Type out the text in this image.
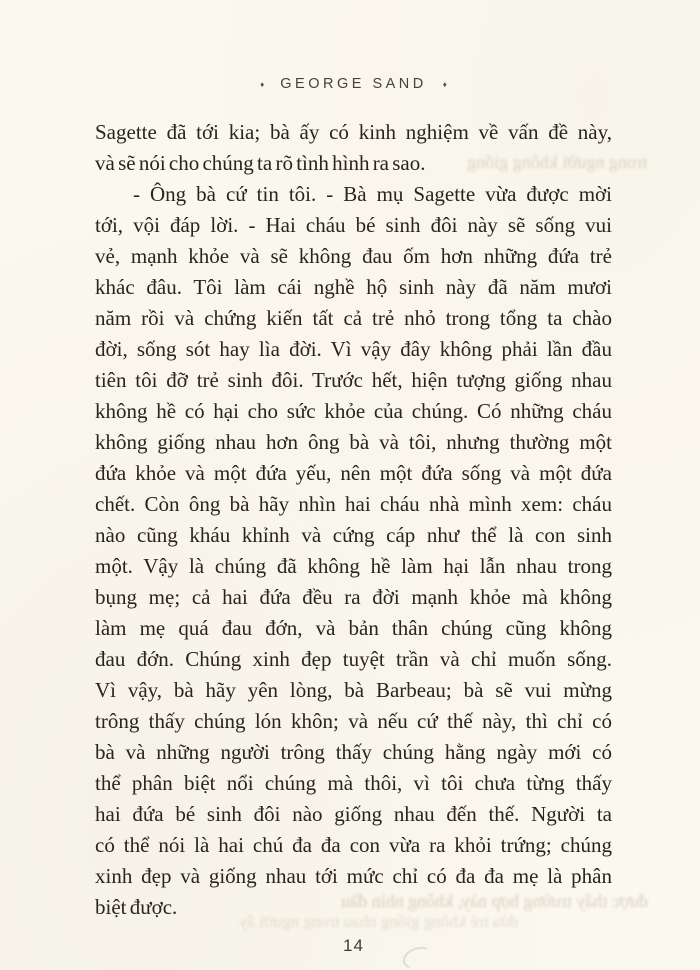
♦ GEORGE SAND ♦
Sagette đã tới kia; bà ấy có kinh nghiệm về vấn đề này,
và sẽ nói cho chúng ta rõ tình hình ra sao.
- Ông bà cứ tin tôi. - Bà mụ Sagette vừa được mời
tới, vội đáp lời. - Hai cháu bé sinh đôi này sẽ sống vui
vẻ, mạnh khỏe và sẽ không đau ốm hơn những đứa trẻ
khác đâu. Tôi làm cái nghề hộ sinh này đã năm mươi
năm rồi và chứng kiến tất cả trẻ nhỏ trong tổng ta chào
đời, sống sót hay lìa đời. Vì vậy đây không phải lần đầu
tiên tôi đỡ trẻ sinh đôi. Trước hết, hiện tượng giống nhau
không hề có hại cho sức khỏe của chúng. Có những cháu
không giống nhau hơn ông bà và tôi, nhưng thường một
đứa khỏe và một đứa yếu, nên một đứa sống và một đứa
chết. Còn ông bà hãy nhìn hai cháu nhà mình xem: cháu
nào cũng kháu khỉnh và cứng cáp như thể là con sinh
một. Vậy là chúng đã không hề làm hại lẫn nhau trong
bụng mẹ; cả hai đứa đều ra đời mạnh khỏe mà không
làm mẹ quá đau đớn, và bản thân chúng cũng không
đau đớn. Chúng xinh đẹp tuyệt trần và chỉ muốn sống.
Vì vậy, bà hãy yên lòng, bà Barbeau; bà sẽ vui mừng
trông thấy chúng lón khôn; và nếu cứ thế này, thì chỉ có
bà và những người trông thấy chúng hằng ngày mới có
thể phân biệt nổi chúng mà thôi, vì tôi chưa từng thấy
hai đứa bé sinh đôi nào giống nhau đến thế. Người ta
có thể nói là hai chú đa đa con vừa ra khỏi trứng; chúng
xinh đẹp và giống nhau tới mức chỉ có đa đa mẹ là phân
biệt được.
trong người không giống
được thấy trường hợp này, không nhìn đầu
đứa trẻ không giống nhau trong người ấy
14
